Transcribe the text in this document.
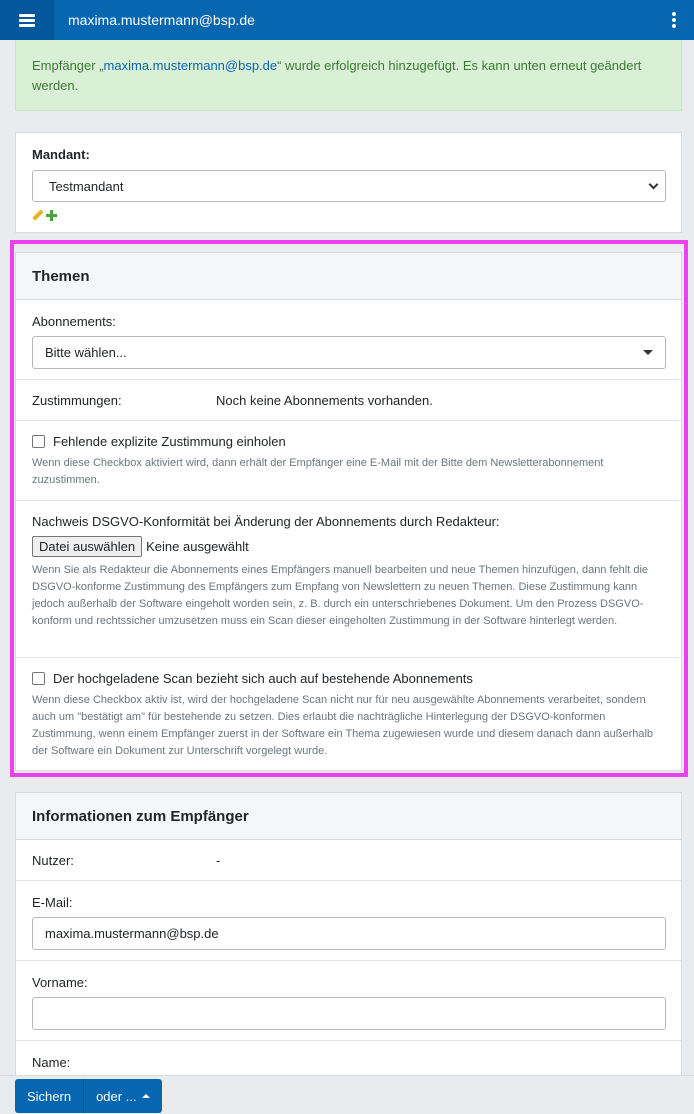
maxima.mustermann@bsp.de
Empfänger „maxima.mustermann@bsp.de“ wurde erfolgreich hinzugefügt. Es kann unten erneut geändert werden.
Mandant:
Testmandant
Themen
Abonnements:
Bitte wählen...
Zustimmungen:	Noch keine Abonnements vorhanden.
Fehlende explizite Zustimmung einholen
Wenn diese Checkbox aktiviert wird, dann erhält der Empfänger eine E-Mail mit der Bitte dem Newsletterabonnement zuzustimmen.
Nachweis DSGVO-Konformität bei Änderung der Abonnements durch Redakteur:
Datei auswählen Keine ausgewählt
Wenn Sie als Redakteur die Abonnements eines Empfängers manuell bearbeiten und neue Themen hinzufügen, dann fehlt die DSGVO-konforme Zustimmung des Empfängers zum Empfang von Newslettern zu neuen Themen. Diese Zustimmung kann jedoch außerhalb der Software eingeholt worden sein, z. B. durch ein unterschriebenes Dokument. Um den Prozess DSGVO-konform und rechtssicher umzusetzen muss ein Scan dieser eingeholten Zustimmung in der Software hinterlegt werden.
Der hochgeladene Scan bezieht sich auch auf bestehende Abonnements
Wenn diese Checkbox aktiv ist, wird der hochgeladene Scan nicht nur für neu ausgewählte Abonnements verarbeitet, sondern auch um "bestätigt am" für bestehende zu setzen. Dies erlaubt die nachträgliche Hinterlegung der DSGVO-konformen Zustimmung, wenn einem Empfänger zuerst in der Software ein Thema zugewiesen wurde und diesem danach dann außerhalb der Software ein Dokument zur Unterschrift vorgelegt wurde.
Informationen zum Empfänger
Nutzer:	-
E-Mail:
maxima.mustermann@bsp.de
Vorname:
Name:
Sichern	oder ...
